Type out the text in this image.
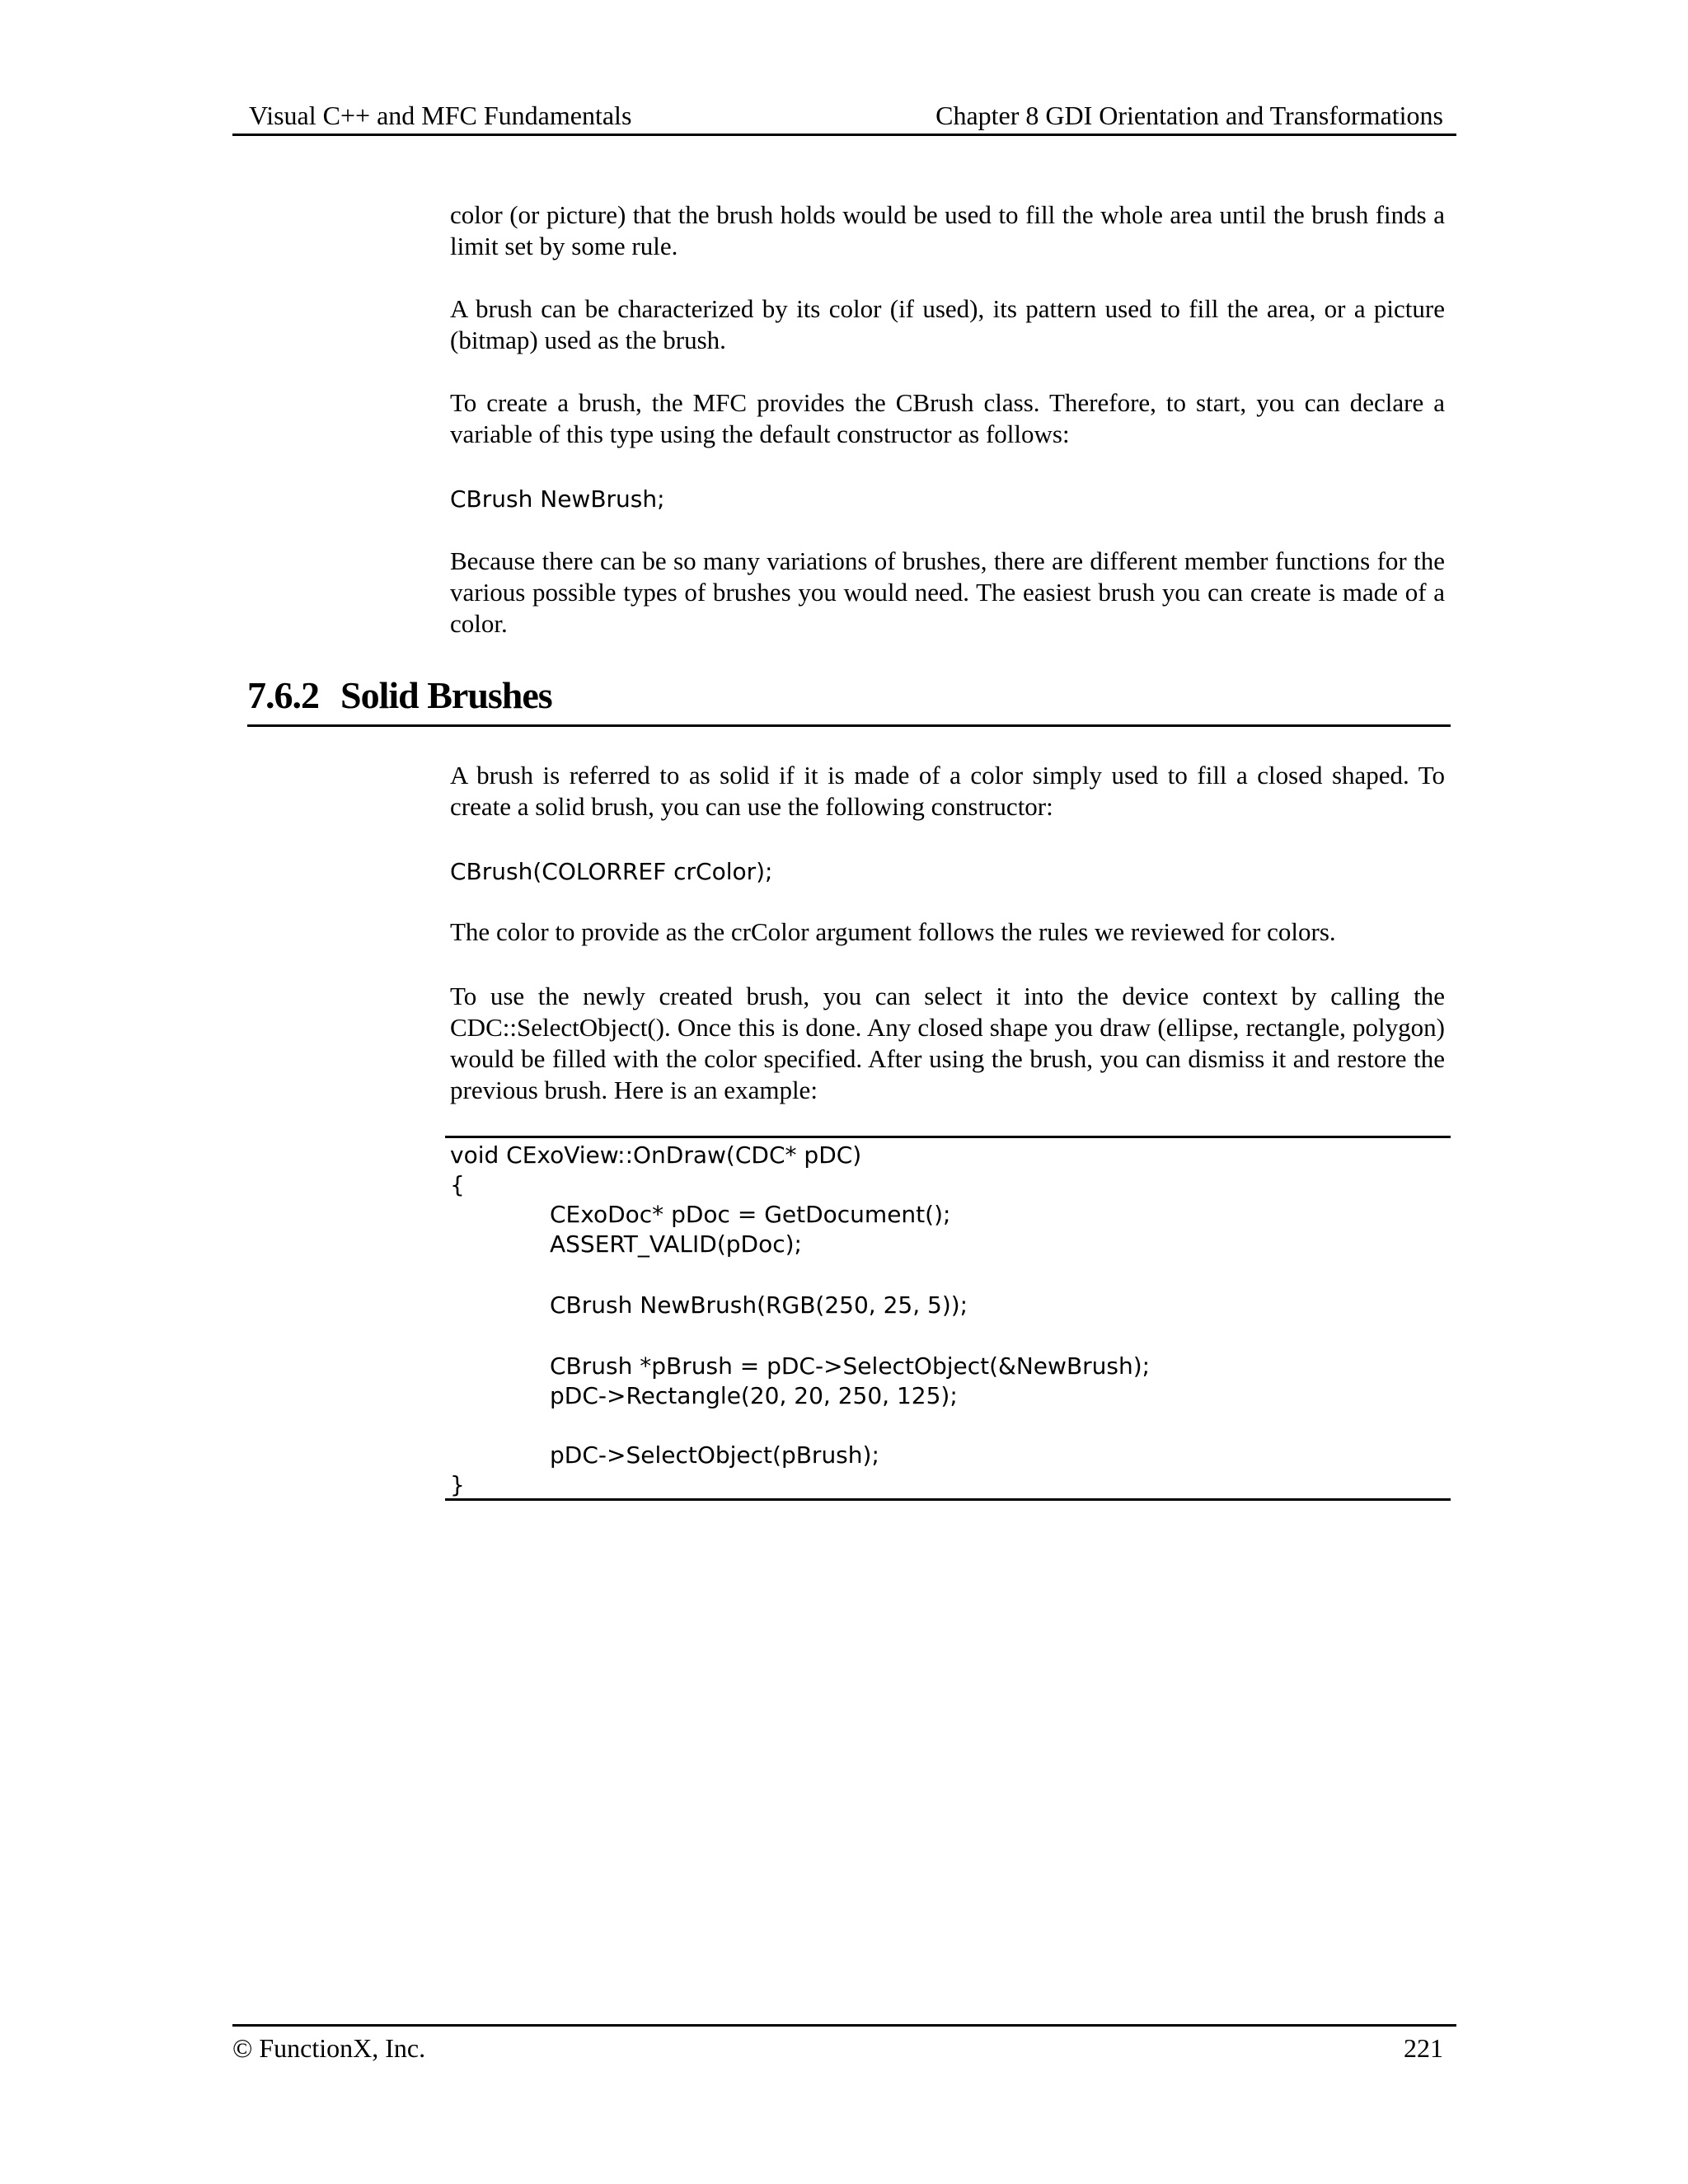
Visual C++ and MFC Fundamentals	Chapter 8 GDI Orientation and Transformations

color (or picture) that the brush holds would be used to fill the whole area until the brush finds a limit set by some rule.

A brush can be characterized by its color (if used), its pattern used to fill the area, or a picture (bitmap) used as the brush.

To create a brush, the MFC provides the CBrush class. Therefore, to start, you can declare a variable of this type using the default constructor as follows:

CBrush NewBrush;

Because there can be so many variations of brushes, there are different member functions for the various possible types of brushes you would need. The easiest brush you can create is made of a color.

7.6.2 Solid Brushes

A brush is referred to as solid if it is made of a color simply used to fill a closed shaped. To create a solid brush, you can use the following constructor:

CBrush(COLORREF crColor);

The color to provide as the crColor argument follows the rules we reviewed for colors.

To use the newly created brush, you can select it into the device context by calling the CDC::SelectObject(). Once this is done. Any closed shape you draw (ellipse, rectangle, polygon) would be filled with the color specified. After using the brush, you can dismiss it and restore the previous brush. Here is an example:

void CExoView::OnDraw(CDC* pDC)

{

CExoDoc* pDoc = GetDocument();

ASSERT_VALID(pDoc);

CBrush NewBrush(RGB(250, 25, 5));

CBrush *pBrush = pDC->SelectObject(&NewBrush);

pDC->Rectangle(20, 20, 250, 125);

pDC->SelectObject(pBrush);

}

© FunctionX, Inc.	221
